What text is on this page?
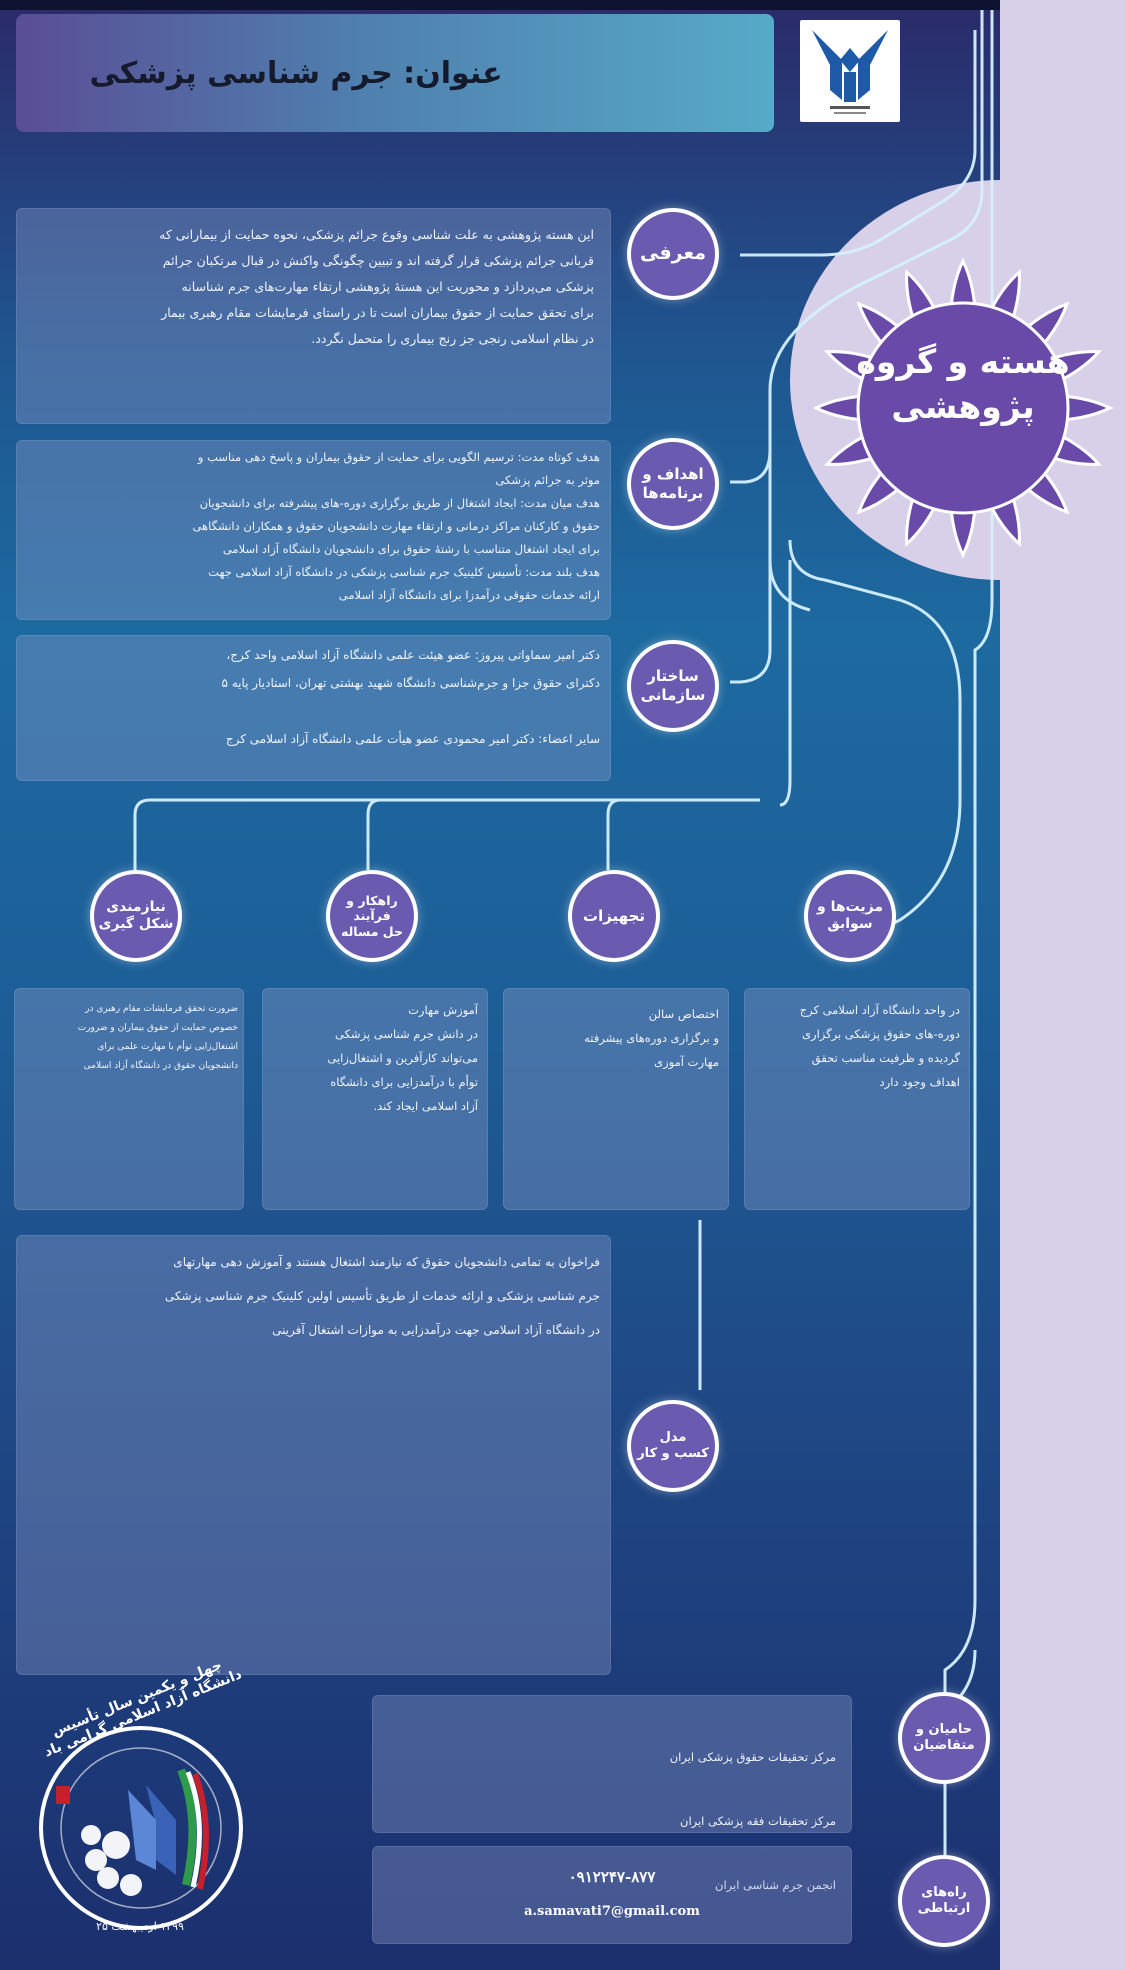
عنوان: جرم شناسی پزشکی
هسته و گروه
پژوهشی
این هسته پژوهشی به علت شناسی وقوع جرائم پزشکی، نحوه حمایت از بیمارانی که
قربانی جرائم پزشکی قرار گرفته اند و تبیین چگونگی واکنش در قبال مرتکبان جرائم
پزشکی می‌پردازد و محوریت این هستهٔ پژوهشی ارتقاء مهارت‌های جرم شناسانه
برای تحقق حمایت از حقوق بیماران است تا در راستای فرمایشات مقام رهبری بیمار
در نظام اسلامی رنجی جز رنج بیماری را متحمل نگردد.
معرفی
هدف کوتاه مدت: ترسیم الگویی برای حمایت از حقوق بیماران و پاسخ دهی مناسب و
موثر به جرائم پزشکی
هدف میان مدت: ایجاد اشتغال از طریق برگزاری دوره‌-های پیشرفته برای دانشجویان
حقوق و کارکنان مراکز درمانی و ارتقاء مهارت دانشجویان حقوق و همکاران دانشگاهی
برای ایجاد اشتغال متناسب با رشتهٔ حقوق برای دانشجویان دانشگاه آزاد اسلامی
هدف بلند مدت: تأسیس کلینیک جرم شناسی پزشکی در دانشگاه آزاد اسلامی جهت
ارائه خدمات حقوقی درآمدزا برای دانشگاه آزاد اسلامی
اهداف و
برنامه‌ها
دکتر امیر سماواتی پیروز: عضو هیئت علمی دانشگاه آزاد اسلامی واحد کرج،
دکترای حقوق جزا و جرم‌شناسی دانشگاه شهید بهشتی تهران، استادیار پایه ۵

سایر اعضاء: دکتر امیر محمودی عضو هیأت علمی دانشگاه آزاد اسلامی کرج
ساختار
سازمانی
مزیت‌ها و
سوابق
تجهیزات
راهکار و
فرآیند
حل مساله
نیازمندی
شکل گیری
در واحد دانشگاه آزاد اسلامی کرج
دوره‌-های حقوق پزشکی برگزاری
گردیده و ظرفیت مناسب تحقق
اهداف وجود دارد
اختصاص سالن
و برگزاری دوره‌های پیشرفته
مهارت آموزی
آموزش مهارت
در دانش جرم شناسی پزشکی
می‌تواند کارآفرین و اشتغال‌زایی
توأم با درآمدزایی برای دانشگاه
آزاد اسلامی ایجاد کند.
ضرورت تحقق فرمایشات مقام رهبری در
خصوص حمایت از حقوق بیماران و ضرورت
اشتغال‌زایی توأم با مهارت علمی برای
دانشجویان حقوق در دانشگاه آزاد اسلامی
فراخوان به تمامی دانشجویان حقوق که نیازمند اشتغال هستند و آموزش دهی مهارتهای
جرم شناسی پزشکی و ارائه خدمات از طریق تأسیس اولین کلینیک جرم شناسی پزشکی
در دانشگاه آزاد اسلامی جهت درآمدزایی به موازات اشتغال آفرینی
مدل
کسب و کار

مرکز تحقیقات حقوق پزشکی ایران

مرکز تحقیقات فقه پزشکی ایران

انجمن جرم شناسی ایران

حامیان و
متقاضیان
۰۹۱۲۲۴۷-۸۷۷
a.samavati7@gmail.com
راه‌های
ارتباطی
چهل و یکمین سال تأسیس دانشگاه آزاد اسلامی گرامی باد
۱۳۹۹ اردیبهشت ۲۵
